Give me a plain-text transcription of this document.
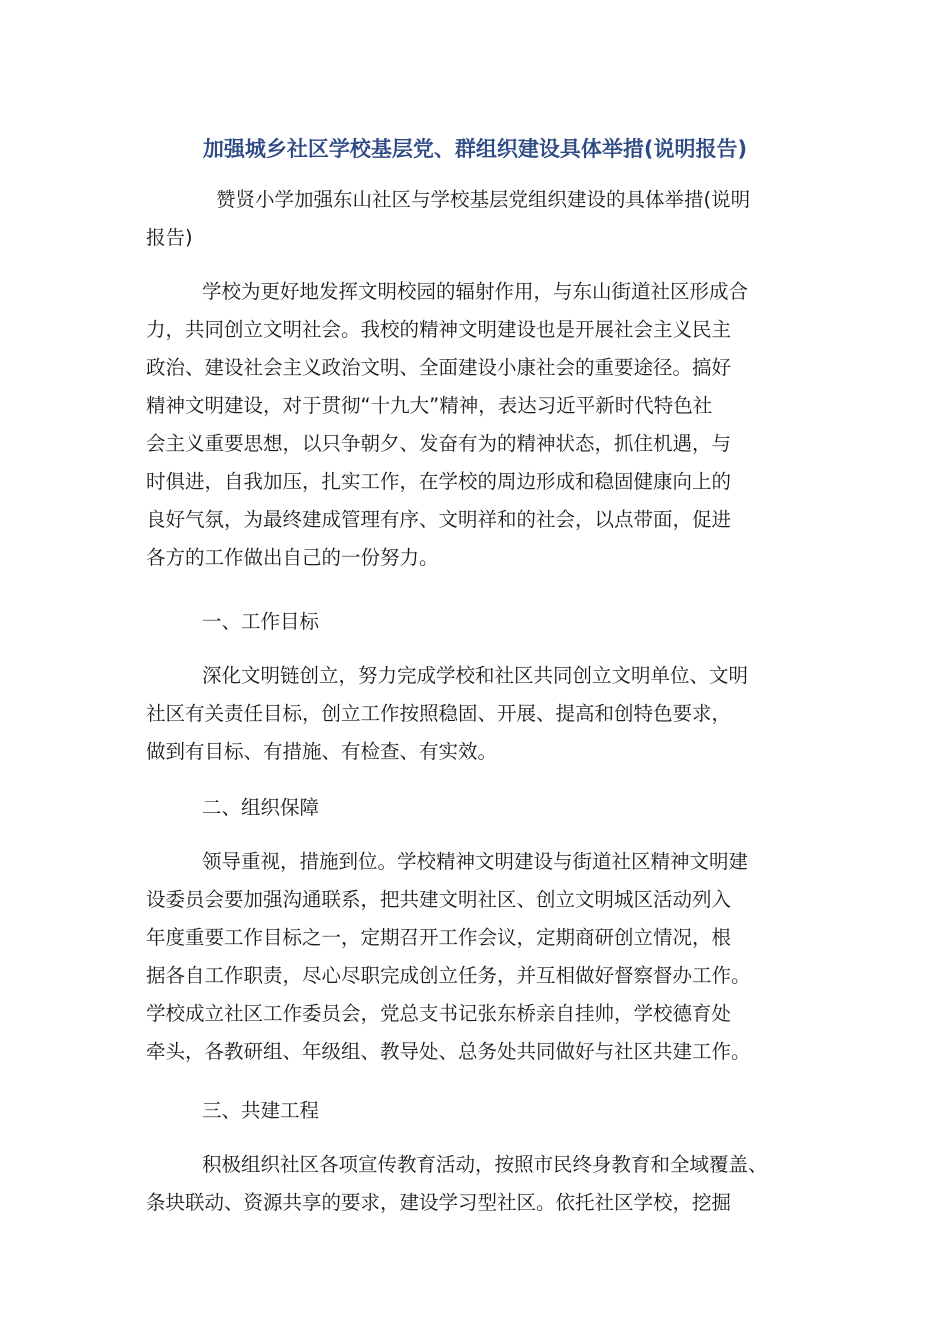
加强城乡社区学校基层党、群组织建设具体举措(说明报告)
赞贤小学加强东山社区与学校基层党组织建设的具体举措(说明
报告)
学校为更好地发挥文明校园的辐射作用，与东山街道社区形成合
力，共同创立文明社会。我校的精神文明建设也是开展社会主义民主
政治、建设社会主义政治文明、全面建设小康社会的重要途径。搞好
精神文明建设，对于贯彻“十九大”精神，表达习近平新时代特色社
会主义重要思想，以只争朝夕、发奋有为的精神状态，抓住机遇，与
时俱进，自我加压，扎实工作，在学校的周边形成和稳固健康向上的
良好气氛，为最终建成管理有序、文明祥和的社会，以点带面，促进
各方的工作做出自己的一份努力。
一、工作目标
深化文明链创立，努力完成学校和社区共同创立文明单位、文明
社区有关责任目标，创立工作按照稳固、开展、提高和创特色要求，
做到有目标、有措施、有检查、有实效。
二、组织保障
领导重视，措施到位。学校精神文明建设与街道社区精神文明建
设委员会要加强沟通联系，把共建文明社区、创立文明城区活动列入
年度重要工作目标之一，定期召开工作会议，定期商研创立情况，根
据各自工作职责，尽心尽职完成创立任务，并互相做好督察督办工作。
学校成立社区工作委员会，党总支书记张东桥亲自挂帅，学校德育处
牵头，各教研组、年级组、教导处、总务处共同做好与社区共建工作。
三、共建工程
积极组织社区各项宣传教育活动，按照市民终身教育和全域覆盖、
条块联动、资源共享的要求，建设学习型社区。依托社区学校，挖掘
